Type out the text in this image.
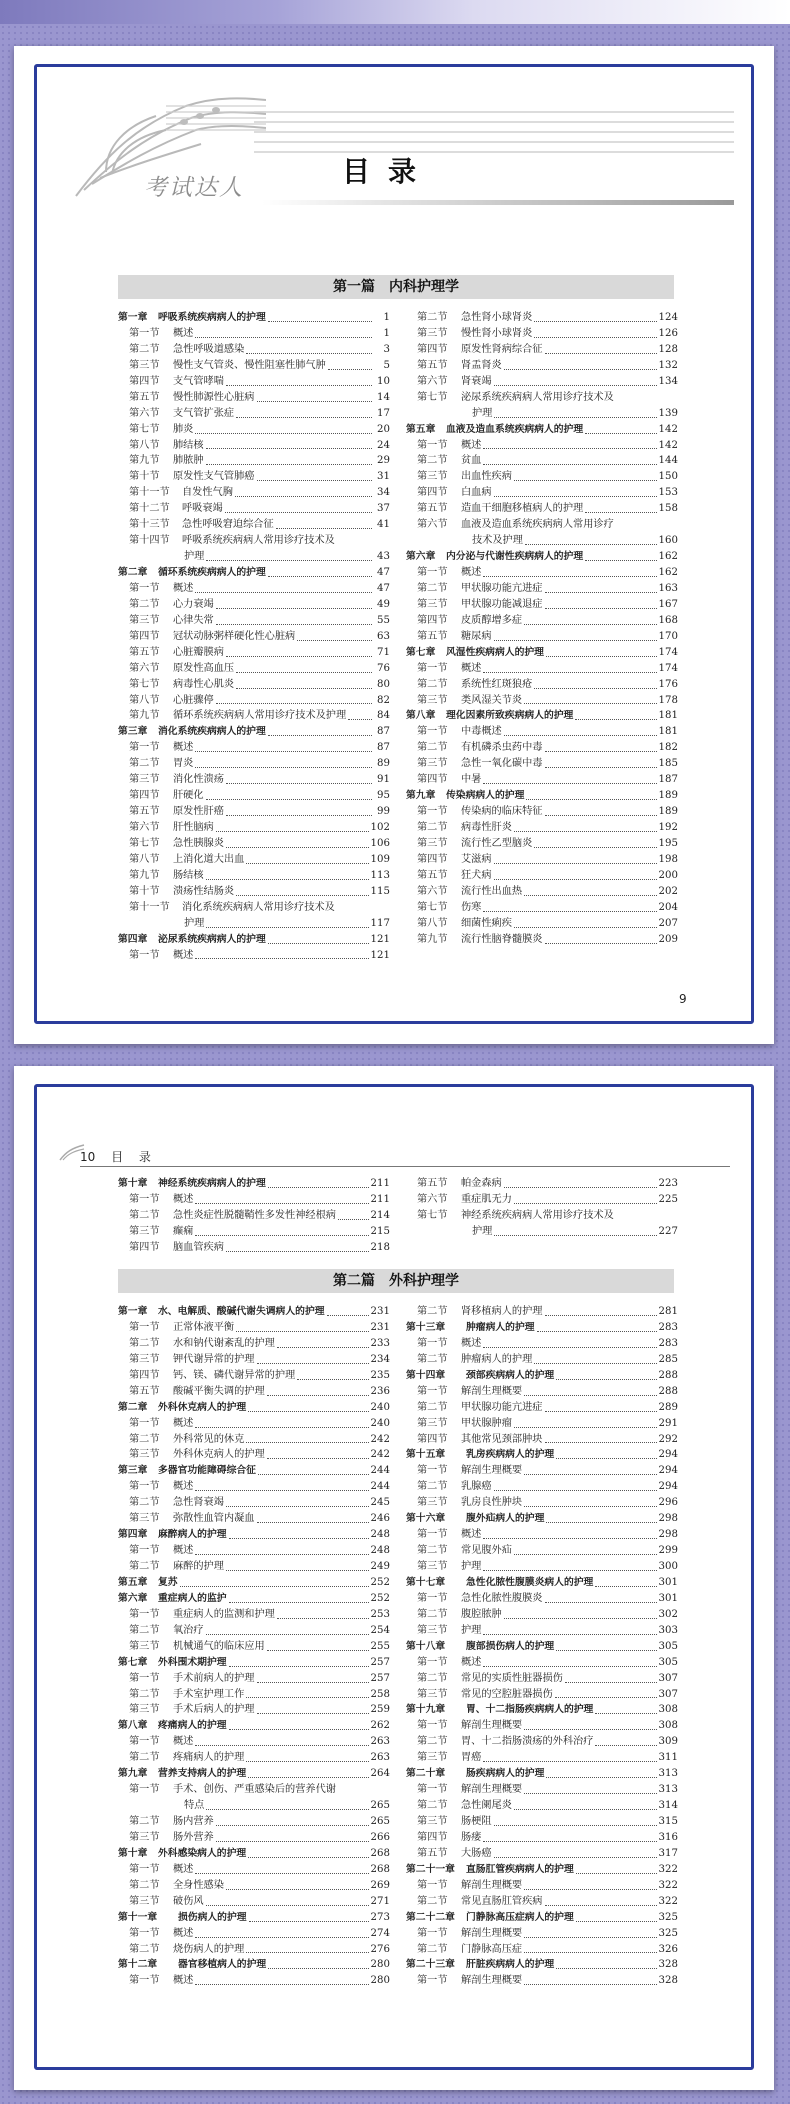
考试达人	目录
第一篇 内科护理学
第一章	呼吸系统疾病病人的护理	1
第一节	概述	1
第二节	急性呼吸道感染	3
第三节	慢性支气管炎、慢性阻塞性肺气肿	5
第四节	支气管哮喘	10
第五节	慢性肺源性心脏病	14
第六节	支气管扩张症	17
第七节	肺炎	20
第八节	肺结核	24
第九节	肺脓肿	29
第十节	原发性支气管肺癌	31
第十一节	自发性气胸	34
第十二节	呼吸衰竭	37
第十三节	急性呼吸窘迫综合征	41
第十四节	呼吸系统疾病病人常用诊疗技术及
护理	43
第二章	循环系统疾病病人的护理	47
第一节	概述	47
第二节	心力衰竭	49
第三节	心律失常	55
第四节	冠状动脉粥样硬化性心脏病	63
第五节	心脏瓣膜病	71
第六节	原发性高血压	76
第七节	病毒性心肌炎	80
第八节	心脏骤停	82
第九节	循环系统疾病病人常用诊疗技术及护理	84
第三章	消化系统疾病病人的护理	87
第一节	概述	87
第二节	胃炎	89
第三节	消化性溃疡	91
第四节	肝硬化	95
第五节	原发性肝癌	99
第六节	肝性脑病	102
第七节	急性胰腺炎	106
第八节	上消化道大出血	109
第九节	肠结核	113
第十节	溃疡性结肠炎	115
第十一节	消化系统疾病病人常用诊疗技术及
护理	117
第四章	泌尿系统疾病病人的护理	121
第一节	概述	121
第二节	急性肾小球肾炎	124
第三节	慢性肾小球肾炎	126
第四节	原发性肾病综合征	128
第五节	肾盂肾炎	132
第六节	肾衰竭	134
第七节	泌尿系统疾病病人常用诊疗技术及
护理	139
第五章	血液及造血系统疾病病人的护理	142
第一节	概述	142
第二节	贫血	144
第三节	出血性疾病	150
第四节	白血病	153
第五节	造血干细胞移植病人的护理	158
第六节	血液及造血系统疾病病人常用诊疗
技术及护理	160
第六章	内分泌与代谢性疾病病人的护理	162
第一节	概述	162
第二节	甲状腺功能亢进症	163
第三节	甲状腺功能减退症	167
第四节	皮质醇增多症	168
第五节	糖尿病	170
第七章	风湿性疾病病人的护理	174
第一节	概述	174
第二节	系统性红斑狼疮	176
第三节	类风湿关节炎	178
第八章	理化因素所致疾病病人的护理	181
第一节	中毒概述	181
第二节	有机磷杀虫药中毒	182
第三节	急性一氧化碳中毒	185
第四节	中暑	187
第九章	传染病病人的护理	189
第一节	传染病的临床特征	189
第二节	病毒性肝炎	192
第三节	流行性乙型脑炎	195
第四节	艾滋病	198
第五节	狂犬病	200
第六节	流行性出血热	202
第七节	伤寒	204
第八节	细菌性痢疾	207
第九节	流行性脑脊髓膜炎	209
9
10 目 录
第十章	神经系统疾病病人的护理	211
第一节	概述	211
第二节	急性炎症性脱髓鞘性多发性神经根病	214
第三节	癫痫	215
第四节	脑血管疾病	218
第五节	帕金森病	223
第六节	重症肌无力	225
第七节	神经系统疾病病人常用诊疗技术及
护理	227
第二篇 外科护理学
第一章	水、电解质、酸碱代谢失调病人的护理	231
第一节	正常体液平衡	231
第二节	水和钠代谢紊乱的护理	233
第三节	钾代谢异常的护理	234
第四节	钙、镁、磷代谢异常的护理	235
第五节	酸碱平衡失调的护理	236
第二章	外科休克病人的护理	240
第一节	概述	240
第二节	外科常见的休克	242
第三节	外科休克病人的护理	242
第三章	多器官功能障碍综合征	244
第一节	概述	244
第二节	急性肾衰竭	245
第三节	弥散性血管内凝血	246
第四章	麻醉病人的护理	248
第一节	概述	248
第二节	麻醉的护理	249
第五章	复苏	252
第六章	重症病人的监护	252
第一节	重症病人的监测和护理	253
第二节	氧治疗	254
第三节	机械通气的临床应用	255
第七章	外科围术期护理	257
第一节	手术前病人的护理	257
第二节	手术室护理工作	258
第三节	手术后病人的护理	259
第八章	疼痛病人的护理	262
第一节	概述	263
第二节	疼痛病人的护理	263
第九章	营养支持病人的护理	264
第一节	手术、创伤、严重感染后的营养代谢
特点	265
第二节	肠内营养	265
第三节	肠外营养	266
第十章	外科感染病人的护理	268
第一节	概述	268
第二节	全身性感染	269
第三节	破伤风	271
第十一章	损伤病人的护理	273
第一节	概述	274
第二节	烧伤病人的护理	276
第十二章	器官移植病人的护理	280
第一节	概述	280
第二节	肾移植病人的护理	281
第十三章	肿瘤病人的护理	283
第一节	概述	283
第二节	肿瘤病人的护理	285
第十四章	颈部疾病病人的护理	288
第一节	解剖生理概要	288
第二节	甲状腺功能亢进症	289
第三节	甲状腺肿瘤	291
第四节	其他常见颈部肿块	292
第十五章	乳房疾病病人的护理	294
第一节	解剖生理概要	294
第二节	乳腺癌	294
第三节	乳房良性肿块	296
第十六章	腹外疝病人的护理	298
第一节	概述	298
第二节	常见腹外疝	299
第三节	护理	300
第十七章	急性化脓性腹膜炎病人的护理	301
第一节	急性化脓性腹膜炎	301
第二节	腹腔脓肿	302
第三节	护理	303
第十八章	腹部损伤病人的护理	305
第一节	概述	305
第二节	常见的实质性脏器损伤	307
第三节	常见的空腔脏器损伤	307
第十九章	胃、十二指肠疾病病人的护理	308
第一节	解剖生理概要	308
第二节	胃、十二指肠溃疡的外科治疗	309
第三节	胃癌	311
第二十章	肠疾病病人的护理	313
第一节	解剖生理概要	313
第二节	急性阑尾炎	314
第三节	肠梗阻	315
第四节	肠瘘	316
第五节	大肠癌	317
第二十一章	直肠肛管疾病病人的护理	322
第一节	解剖生理概要	322
第二节	常见直肠肛管疾病	322
第二十二章	门静脉高压症病人的护理	325
第一节	解剖生理概要	325
第二节	门静脉高压症	326
第二十三章	肝脏疾病病人的护理	328
第一节	解剖生理概要	328
